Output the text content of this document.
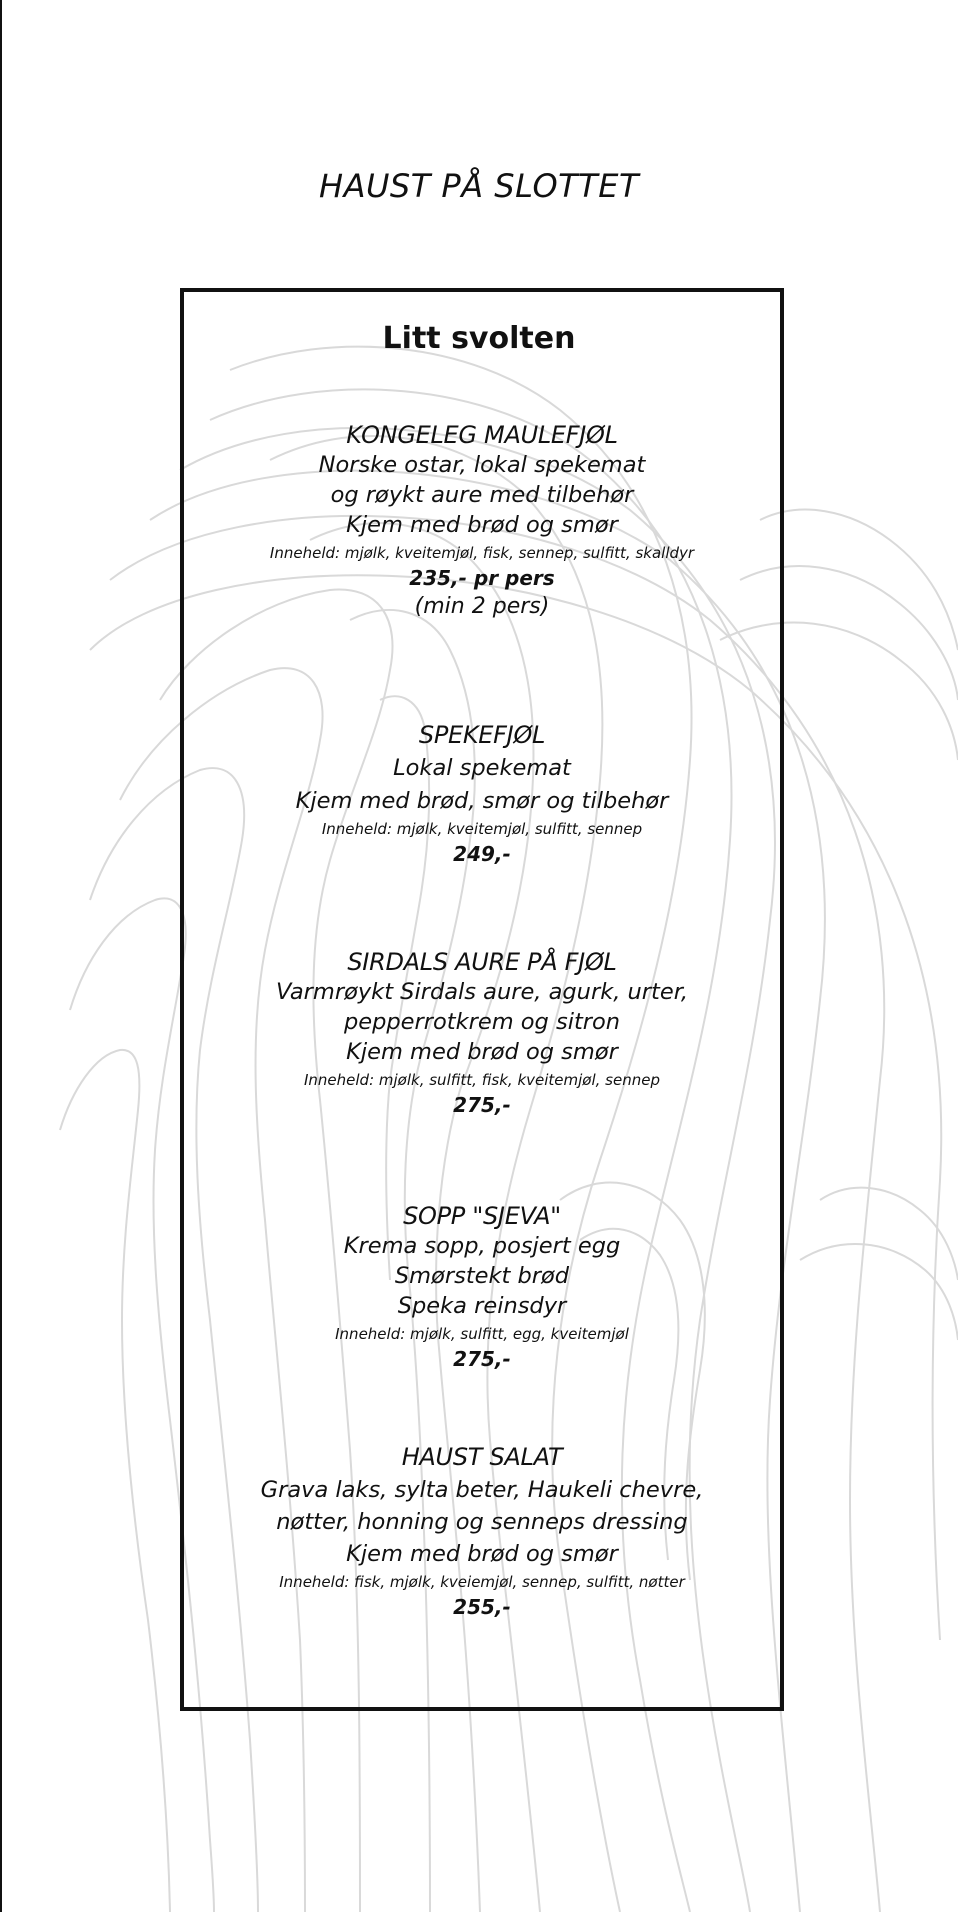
HAUST PÅ SLOTTET
Litt svolten
KONGELEG MAULEFJØL
Norske ostar, lokal spekemat
og røykt aure med tilbehør
Kjem med brød og smør
Inneheld: mjølk, kveitemjøl, fisk, sennep, sulfitt, skalldyr
235,- pr pers
(min 2 pers)
SPEKEFJØL
Lokal spekemat
Kjem med brød, smør og tilbehør
Inneheld: mjølk, kveitemjøl, sulfitt, sennep
249,-
SIRDALS AURE PÅ FJØL
Varmrøykt Sirdals aure, agurk, urter,
pepperrotkrem og sitron
Kjem med brød og smør
Inneheld: mjølk, sulfitt, fisk, kveitemjøl, sennep
275,-
SOPP "SJEVA"
Krema sopp, posjert egg
Smørstekt brød
Speka reinsdyr
Inneheld: mjølk, sulfitt, egg, kveitemjøl
275,-
HAUST SALAT
Grava laks, sylta beter, Haukeli chevre,
nøtter, honning og senneps dressing
Kjem med brød og smør
Inneheld: fisk, mjølk, kveiemjøl, sennep, sulfitt, nøtter
255,-
